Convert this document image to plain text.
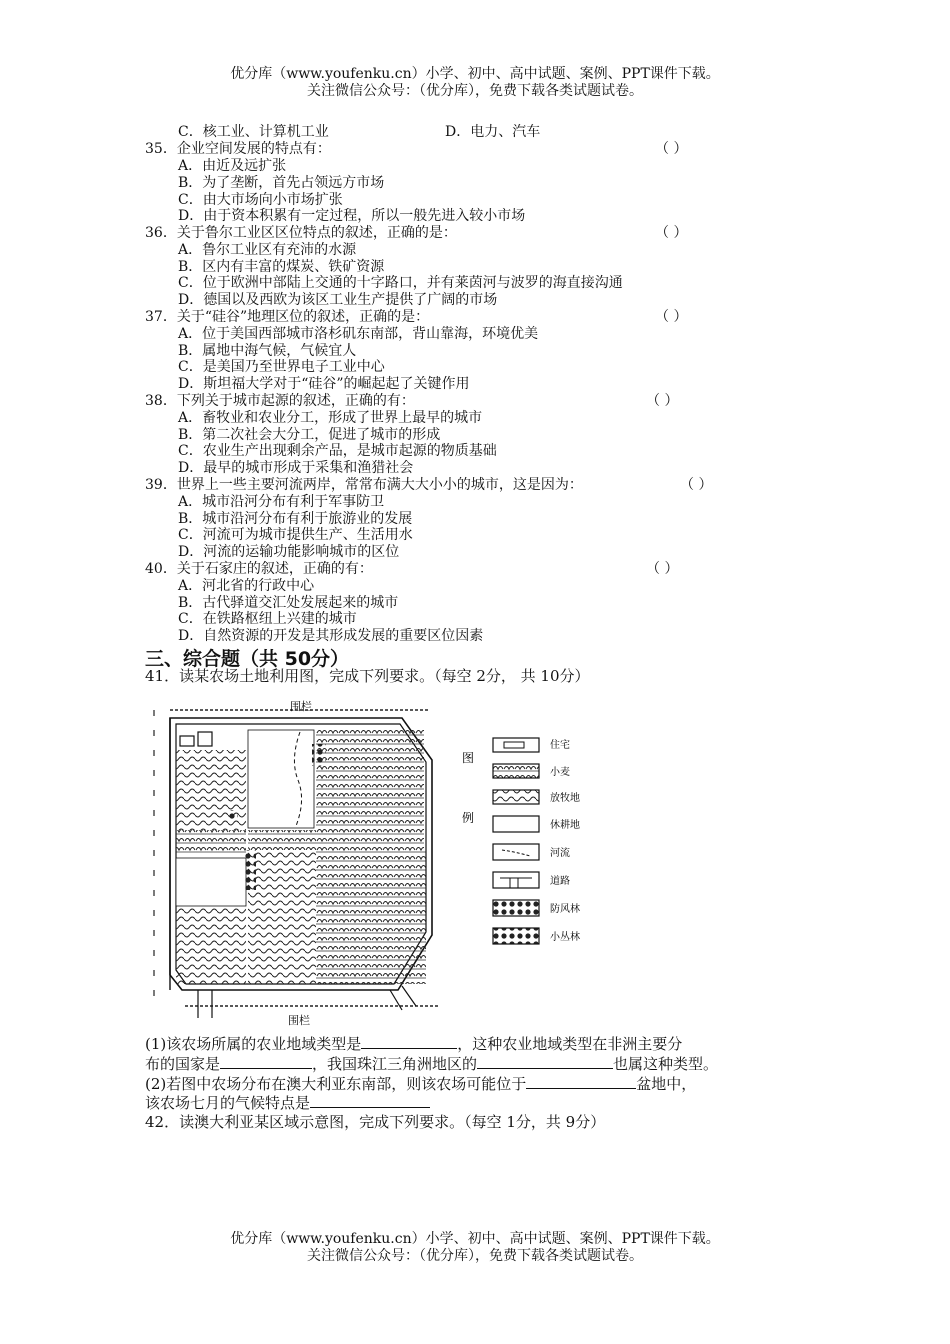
优分库（www.youfenku.cn）小学、初中、高中试题、案例、PPT课件下载。
关注微信公众号：（优分库），免费下载各类试题试卷。
C．核工业、计算机工业	D．电力、汽车
35．企业空间发展的特点有：	（ ）
A．由近及远扩张
B．为了垄断，首先占领远方市场
C．由大市场向小市场扩张
D．由于资本积累有一定过程，所以一般先进入较小市场
36．关于鲁尔工业区区位特点的叙述，正确的是：	（ ）
A．鲁尔工业区有充沛的水源
B．区内有丰富的煤炭、铁矿资源
C．位于欧洲中部陆上交通的十字路口，并有莱茵河与波罗的海直接沟通
D．德国以及西欧为该区工业生产提供了广阔的市场
37．关于“硅谷”地理区位的叙述，正确的是：	（ ）
A．位于美国西部城市洛杉矶东南部，背山靠海，环境优美
B．属地中海气候，气候宜人
C．是美国乃至世界电子工业中心
D．斯坦福大学对于“硅谷”的崛起起了关键作用
38．下列关于城市起源的叙述，正确的有：	（ ）
A．畜牧业和农业分工，形成了世界上最早的城市
B．第二次社会大分工，促进了城市的形成
C．农业生产出现剩余产品，是城市起源的物质基础
D．最早的城市形成于采集和渔猎社会
39．世界上一些主要河流两岸，常常布满大大小小的城市，这是因为：	（ ）
A．城市沿河分布有利于军事防卫
B．城市沿河分布有利于旅游业的发展
C．河流可为城市提供生产、生活用水
D．河流的运输功能影响城市的区位
40．关于石家庄的叙述，正确的有：	（ ）
A．河北省的行政中心
B．古代驿道交汇处发展起来的城市
C．在铁路枢纽上兴建的城市
D．自然资源的开发是其形成发展的重要区位因素
三、综合题（共 50分）
41．读某农场土地利用图，完成下列要求。（每空 2分， 共 10分）
围栏
围栏
图
例
住宅
小麦
放牧地
休耕地
河流
道路
防风林
小丛林
(1)该农场所属的农业地域类型是	，这种农业地域类型在非洲主要分
布的国家是	，我国珠江三角洲地区的	也属这种类型。
(2)若图中农场分布在澳大利亚东南部，则该农场可能位于	盆地中，
该农场七月的气候特点是
42．读澳大利亚某区域示意图，完成下列要求。（每空 1分，共 9分）
优分库（www.youfenku.cn）小学、初中、高中试题、案例、PPT课件下载。
关注微信公众号：（优分库），免费下载各类试题试卷。
